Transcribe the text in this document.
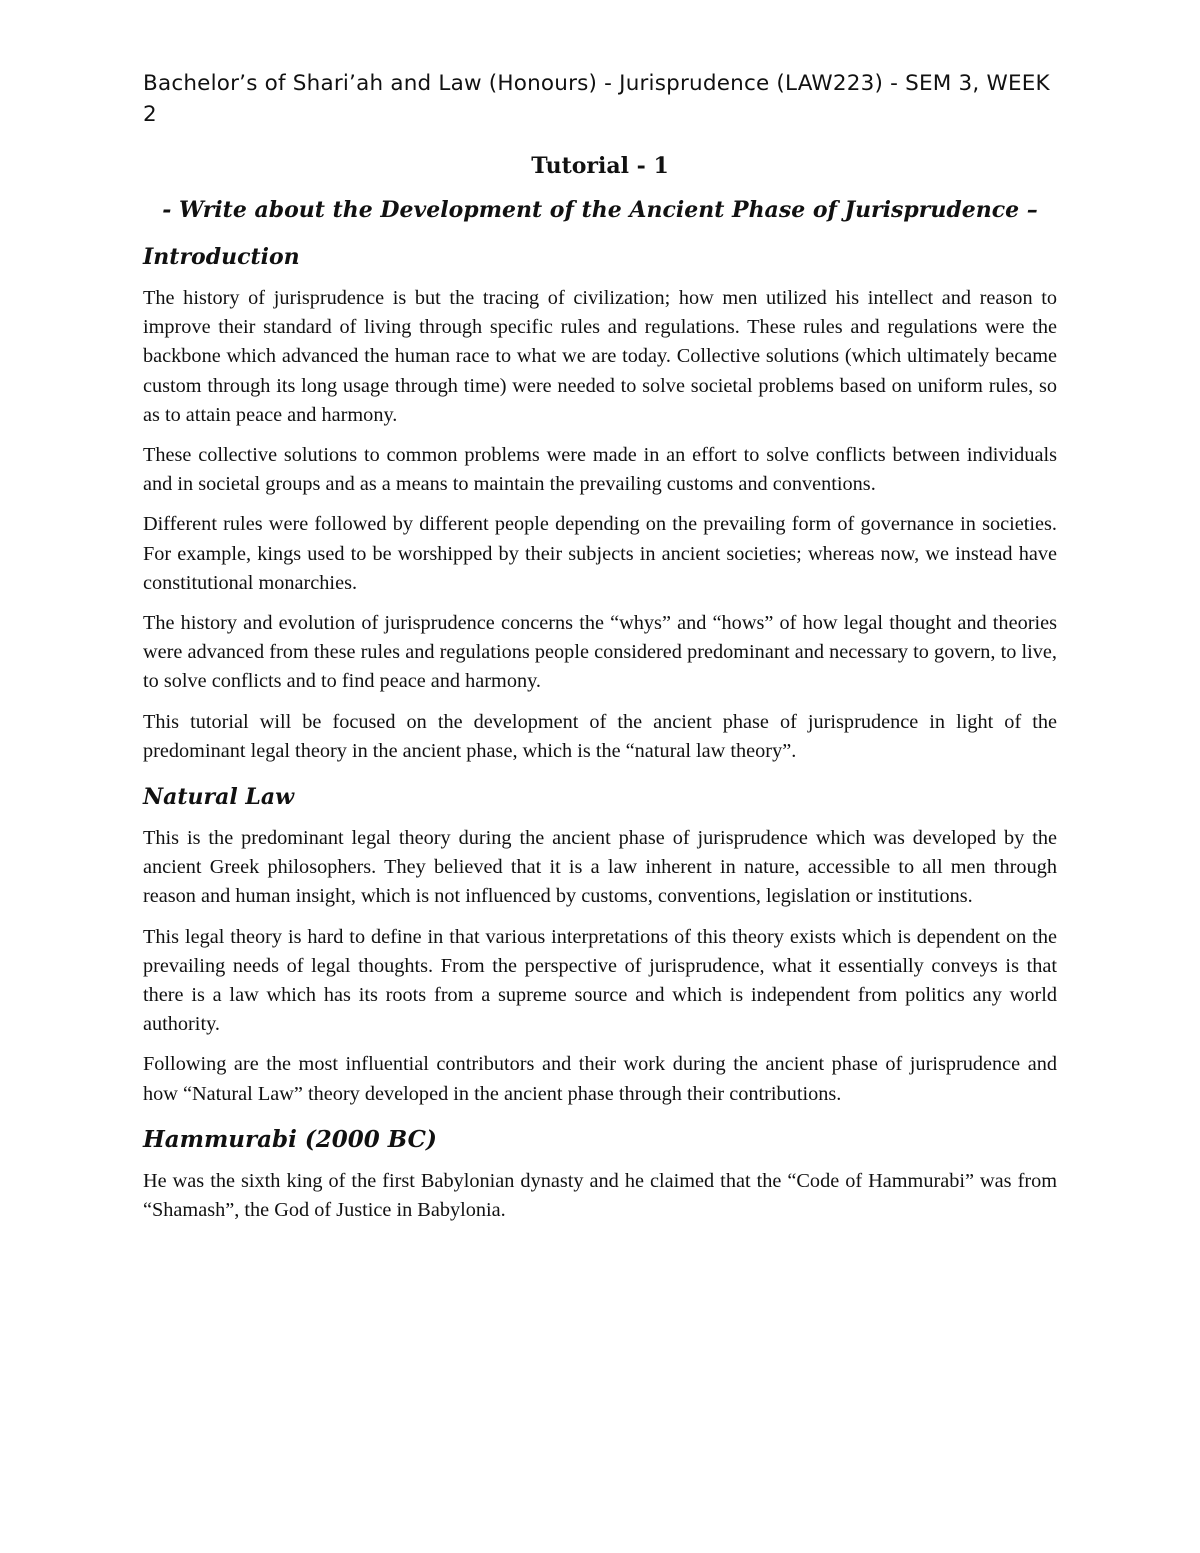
Bachelor’s of Shari’ah and Law (Honours) - Jurisprudence (LAW223) - SEM 3, WEEK 2

Tutorial - 1
- Write about the Development of the Ancient Phase of Jurisprudence –
Introduction

The history of jurisprudence is but the tracing of civilization; how men utilized his intellect and reason to improve their standard of living through specific rules and regulations. These rules and regulations were the backbone which advanced the human race to what we are today. Collective solutions (which ultimately became custom through its long usage through time) were needed to solve societal problems based on uniform rules, so as to attain peace and harmony.

These collective solutions to common problems were made in an effort to solve conflicts between individuals and in societal groups and as a means to maintain the prevailing customs and conventions.

Different rules were followed by different people depending on the prevailing form of governance in societies. For example, kings used to be worshipped by their subjects in ancient societies; whereas now, we instead have constitutional monarchies.

The history and evolution of jurisprudence concerns the “whys” and “hows” of how legal thought and theories were advanced from these rules and regulations people considered predominant and necessary to govern, to live, to solve conflicts and to find peace and harmony.

This tutorial will be focused on the development of the ancient phase of jurisprudence in light of the predominant legal theory in the ancient phase, which is the “natural law theory”.

Natural Law

This is the predominant legal theory during the ancient phase of jurisprudence which was developed by the ancient Greek philosophers. They believed that it is a law inherent in nature, accessible to all men through reason and human insight, which is not influenced by customs, conventions, legislation or institutions.

This legal theory is hard to define in that various interpretations of this theory exists which is dependent on the prevailing needs of legal thoughts. From the perspective of jurisprudence, what it essentially conveys is that there is a law which has its roots from a supreme source and which is independent from politics any world authority.

Following are the most influential contributors and their work during the ancient phase of jurisprudence and how “Natural Law” theory developed in the ancient phase through their contributions.

Hammurabi (2000 BC)

He was the sixth king of the first Babylonian dynasty and he claimed that the “Code of Hammurabi” was from “Shamash”, the God of Justice in Babylonia.
